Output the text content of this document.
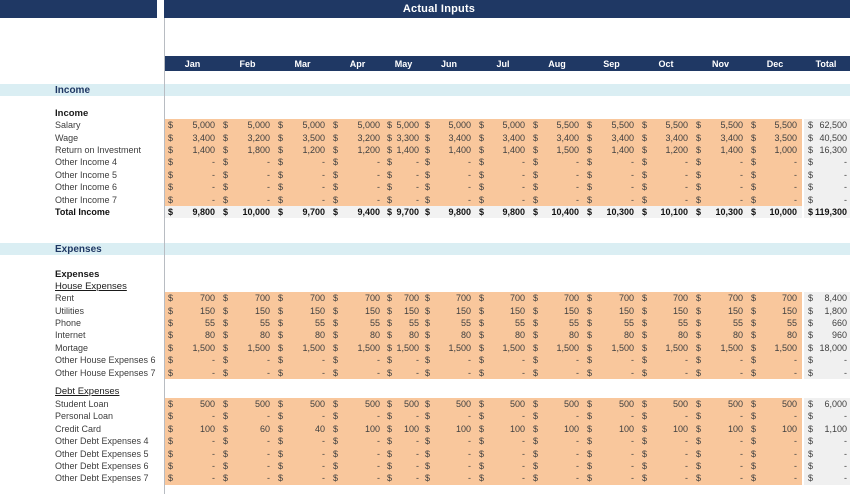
Actual Inputs
Jan	Feb	Mar	Apr	May	Jun	Jul	Aug	Sep	Oct	Nov	Dec	Total
Income
Income
Salary	$ 5,000 $ 5,000 $ 5,000 $ 5,000 $ 5,000 $ 5,000 $ 5,000 $ 5,500 $ 5,500 $ 5,500 $ 5,500 $ 5,500 $ 62,500
Wage	$ 3,400 $ 3,200 $ 3,500 $ 3,200 $ 3,300 $ 3,400 $ 3,400 $ 3,400 $ 3,400 $ 3,400 $ 3,400 $ 3,500 $ 40,500
Return on Investment	$ 1,400 $ 1,800 $ 1,200 $ 1,200 $ 1,400 $ 1,400 $ 1,400 $ 1,500 $ 1,400 $ 1,200 $ 1,400 $ 1,000 $ 16,300
Other Income 4	$	- $	- $	- $	- $	- $	- $	- $	- $	- $	- $	- $	- $	-
Other Income 5	$	- $	- $	- $	- $	- $	- $	- $	- $	- $	- $	- $	- $	-
Other Income 6	$	- $	- $	- $	- $	- $	- $	- $	- $	- $	- $	- $	- $	-
Other Income 7	$	- $	- $	- $	- $	- $	- $	- $	- $	- $	- $	- $	- $	-
Total Income	$ 9,800 $ 10,000 $ 9,700 $ 9,400 $ 9,700 $ 9,800 $ 9,800 $ 10,400 $ 10,300 $ 10,100 $ 10,300 $ 10,000 $ 119,300
Expenses
Expenses
House Expenses
Rent	$	700 $	700 $	700 $	700 $ 700 $	700 $	700 $	700 $	700 $	700 $	700 $	700 $ 8,400
Utilities	$	150 $	150 $	150 $	150 $ 150 $	150 $	150 $	150 $	150 $	150 $	150 $	150 $ 1,800
Phone	$	55 $	55 $	55 $	55 $ 55 $	55 $	55 $	55 $	55 $	55 $	55 $	55 $ 660
Internet	$	80 $	80 $	80 $	80 $ 80 $	80 $	80 $	80 $	80 $	80 $	80 $	80 $ 960
Mortage	$ 1,500 $ 1,500 $ 1,500 $ 1,500 $ 1,500 $ 1,500 $ 1,500 $ 1,500 $ 1,500 $ 1,500 $ 1,500 $ 1,500 $ 18,000
Other House Expenses 6	$	- $	- $	- $	- $	- $	- $	- $	- $	- $	- $	- $	- $	-
Other House Expenses 7	$	- $	- $	- $	- $	- $	- $	- $	- $	- $	- $	- $	- $	-
Debt Expenses
Student Loan	$	500 $	500 $	500 $	500 $ 500 $	500 $	500 $	500 $	500 $	500 $	500 $	500 $ 6,000
Personal Loan	$	- $	- $	- $	- $	- $	- $	- $	- $	- $	- $	- $	- $	-
Credit Card	$	100 $	60 $	40 $	100 $ 100 $	100 $	100 $	100 $	100 $	100 $	100 $	100 $ 1,100
Other Debt Expenses 4	$	- $	- $	- $	- $	- $	- $	- $	- $	- $	- $	- $	- $	-
Other Debt Expenses 5	$	- $	- $	- $	- $	- $	- $	- $	- $	- $	- $	- $	- $	-
Other Debt Expenses 6	$	- $	- $	- $	- $	- $	- $	- $	- $	- $	- $	- $	- $	-
Other Debt Expenses 7	$	- $	- $	- $	- $	- $	- $	- $	- $	- $	- $	- $	- $	-
